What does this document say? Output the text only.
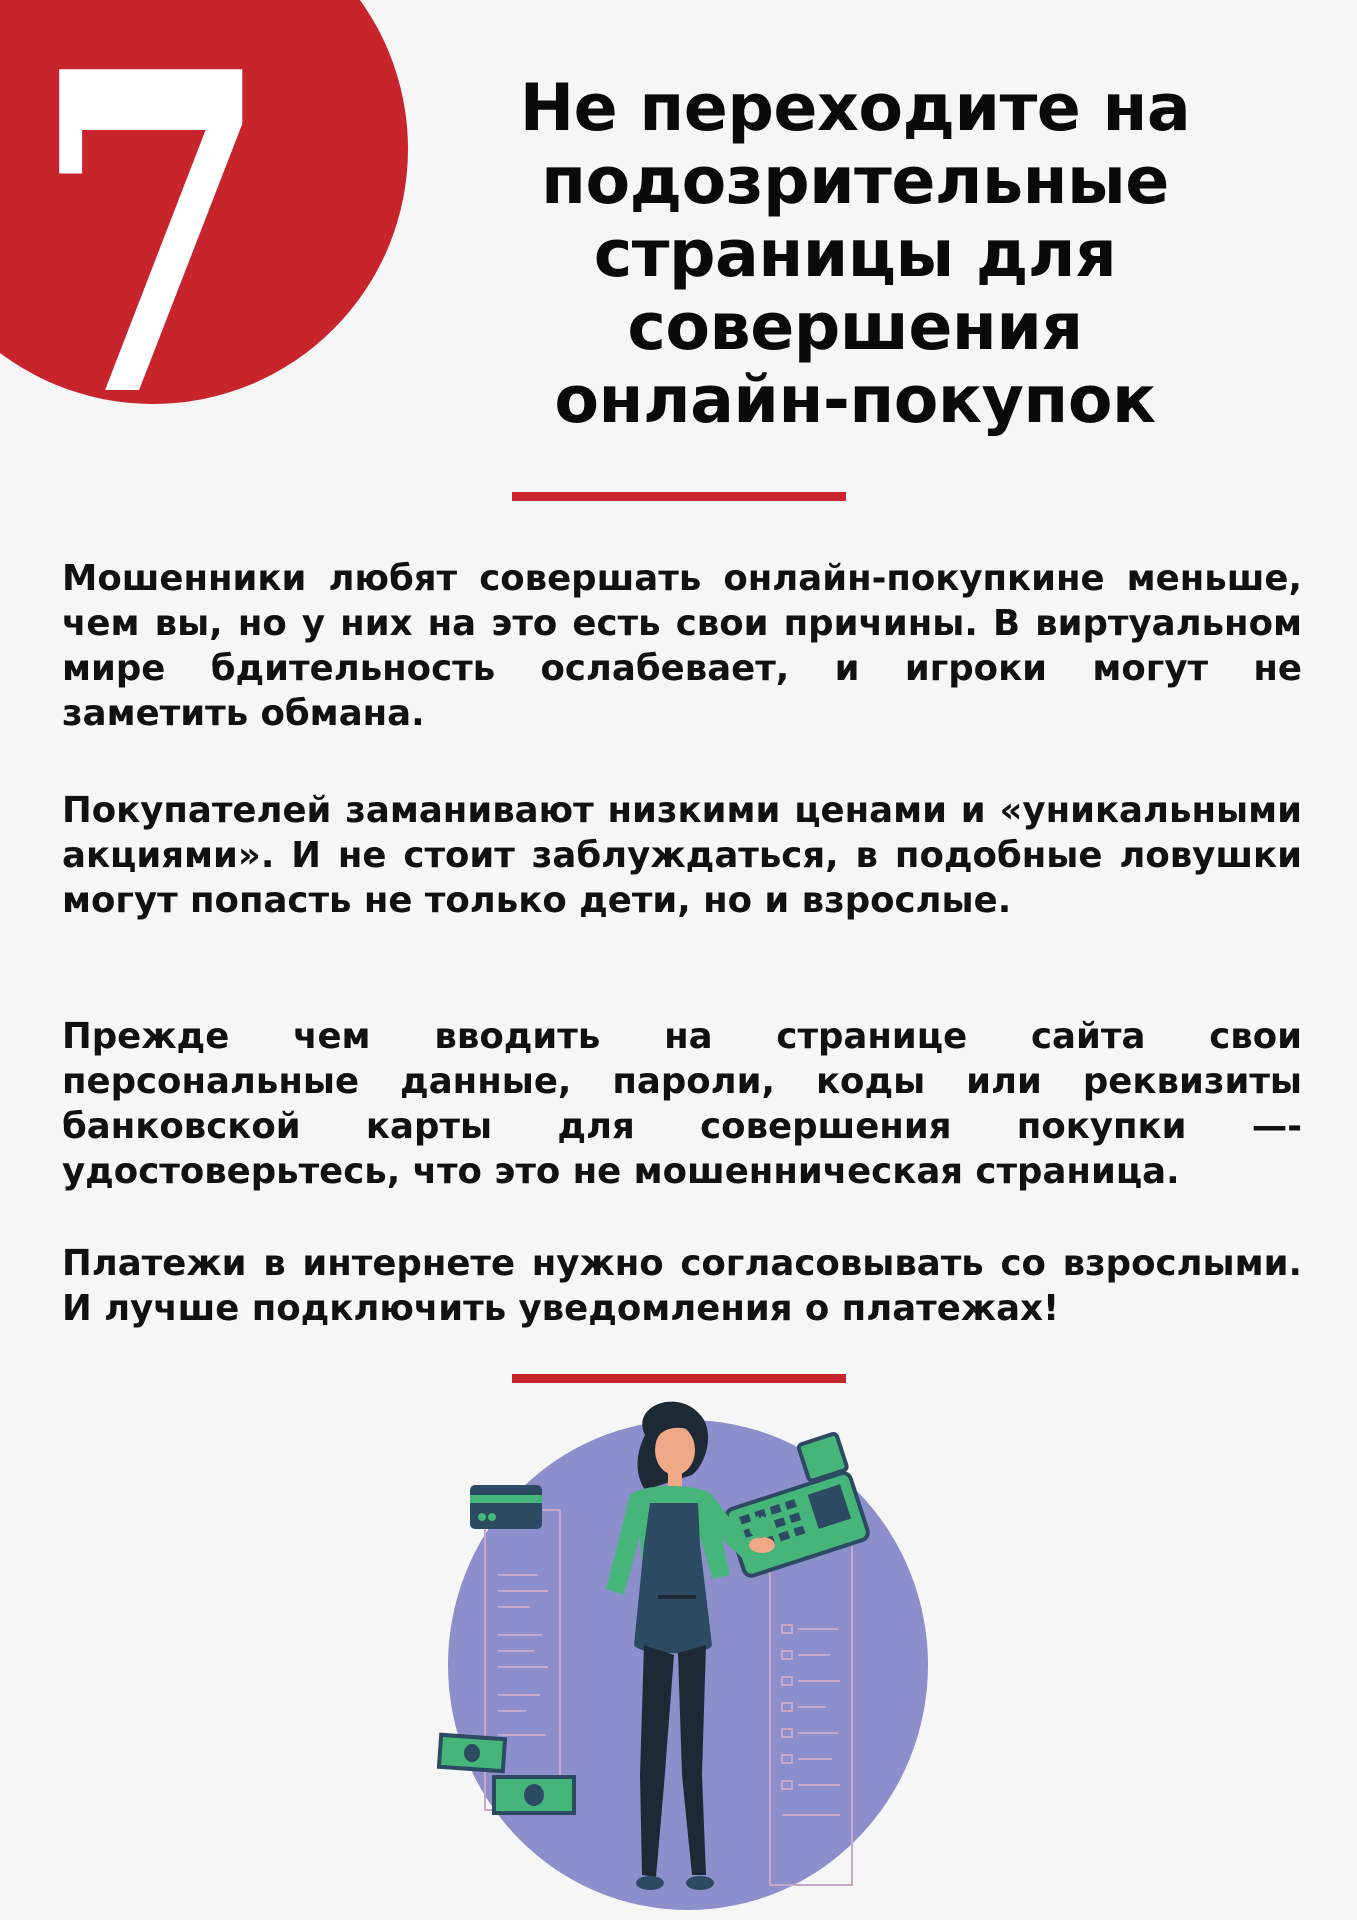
7	Не переходите на
подозрительные
страницы для
совершения
онлайн-покупок

Мошенники любят совершать онлайн-покупкине меньше, чем вы, но у них на это есть свои причины. В виртуальном мире бдительность ослабевает, и игроки могут не заметить обмана.

Покупателей заманивают низкими ценами и «уникальными акциями». И не стоит заблуждаться, в подобные ловушки могут попасть не только дети, но и взрослые.

Прежде чем вводить на странице сайта свои персональные данные, пароли, коды или реквизиты банковской карты для совершения покупки —- удостоверьтесь, что это не мошенническая страница.

Платежи в интернете нужно согласовывать со взрослыми. И лучше подключить уведомления о платежах!
